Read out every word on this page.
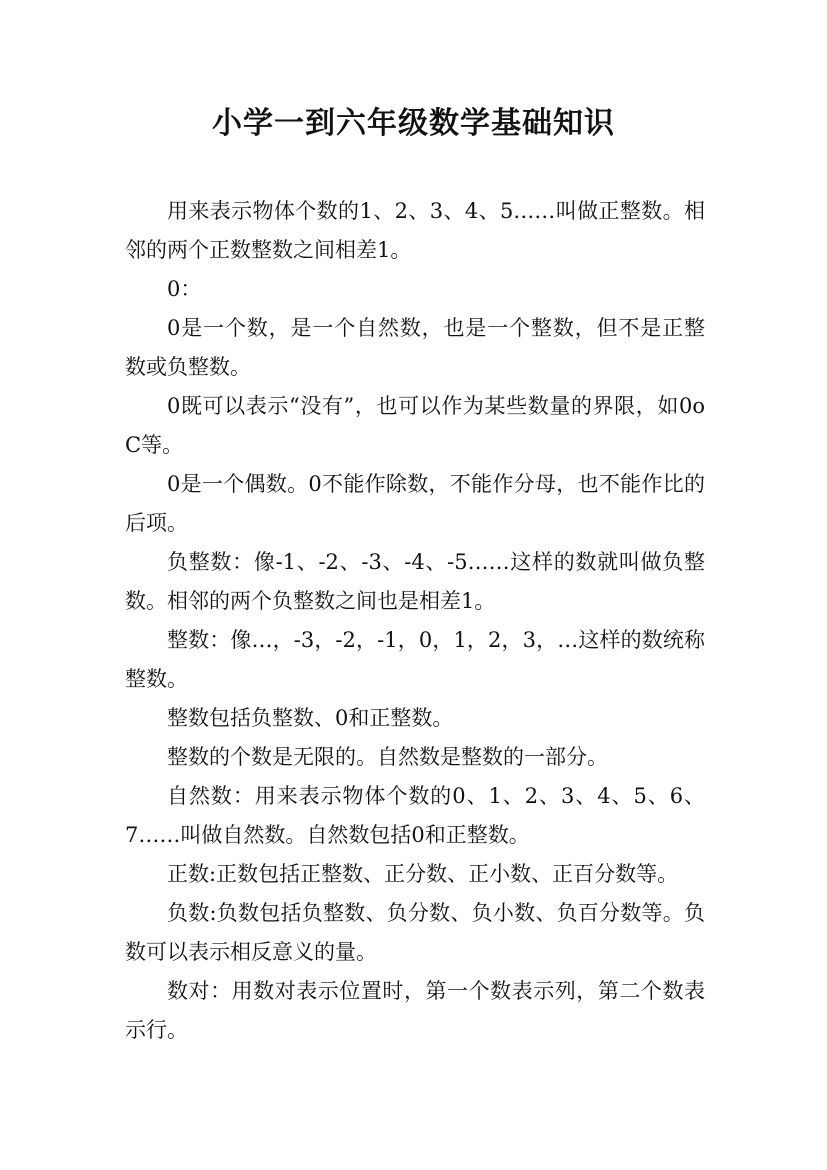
小学一到六年级数学基础知识

用来表示物体个数的1、2、3、4、5……叫做正整数。相邻的两个正数整数之间相差1。

0：

0是一个数，是一个自然数，也是一个整数，但不是正整数或负整数。

0既可以表示“没有”，也可以作为某些数量的界限，如0oC等。

0是一个偶数。0不能作除数，不能作分母，也不能作比的后项。

负整数：像-1、-2、-3、-4、-5……这样的数就叫做负整数。相邻的两个负整数之间也是相差1。

整数：像…，-3，-2，-1，0，1，2，3，…这样的数统称整数。

整数包括负整数、0和正整数。

整数的个数是无限的。自然数是整数的一部分。

自然数：用来表示物体个数的0、1、2、3、4、5、6、7……叫做自然数。自然数包括0和正整数。

正数:正数包括正整数、正分数、正小数、正百分数等。

负数:负数包括负整数、负分数、负小数、负百分数等。负数可以表示相反意义的量。

数对：用数对表示位置时，第一个数表示列，第二个数表示行。
